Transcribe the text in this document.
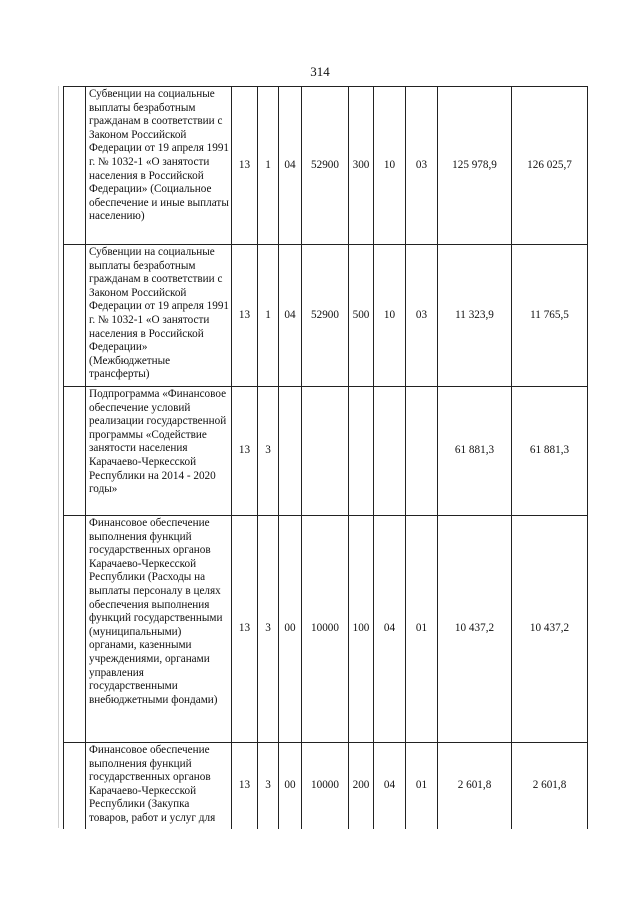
314
	Субвенции на социальные выплаты безработным гражданам в соответствии с Законом Российской Федерации от 19 апреля 1991 г. № 1032-1 «О занятости населения в Российской Федерации» (Социальное обеспечение и иные выплаты населению)	13	1	04	52900	300	10	03	125 978,9	126 025,7
	Субвенции на социальные выплаты безработным гражданам в соответствии с Законом Российской Федерации от 19 апреля 1991 г. № 1032-1 «О занятости населения в Российской Федерации» (Межбюджетные трансферты)	13	1	04	52900	500	10	03	11 323,9	11 765,5
	Подпрограмма «Финансовое обеспечение условий реализации государственной программы «Содействие занятости населения Карачаево-Черкесской Республики на 2014 - 2020 годы»	13	3						61 881,3	61 881,3
	Финансовое обеспечение выполнения функций государственных органов Карачаево-Черкесской Республики (Расходы на выплаты персоналу в целях обеспечения выполнения функций государственными (муниципальными) органами, казенными учреждениями, органами управления государственными внебюджетными фондами)	13	3	00	10000	100	04	01	10 437,2	10 437,2
	Финансовое обеспечение выполнения функций государственных органов Карачаево-Черкесской Республики (Закупка товаров, работ и услуг для	13	3	00	10000	200	04	01	2 601,8	2 601,8
